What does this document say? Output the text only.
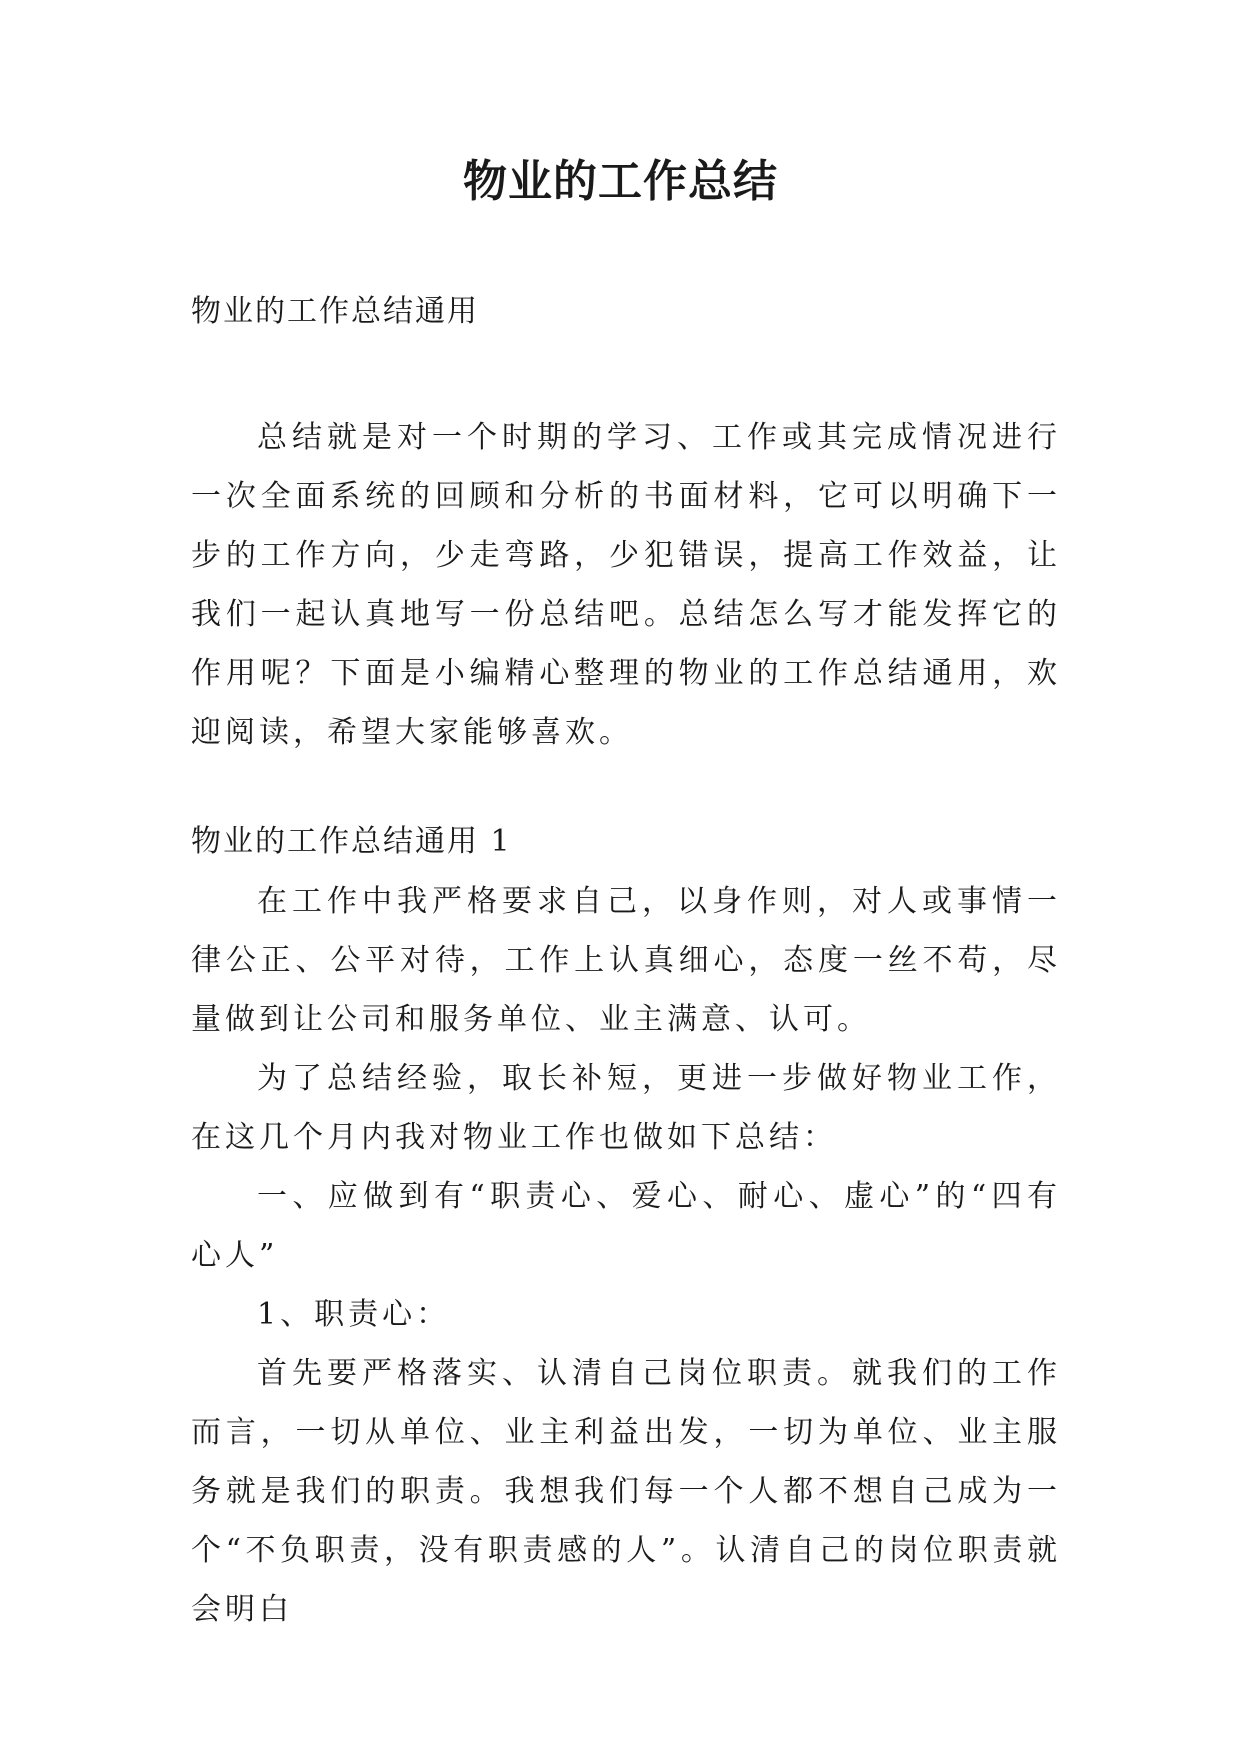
物业的工作总结
物业的工作总结通用

总结就是对一个时期的学习、工作或其完成情况进行一次全面系统的回顾和分析的书面材料，它可以明确下一步的工作方向，少走弯路，少犯错误，提高工作效益，让我们一起认真地写一份总结吧。总结怎么写才能发挥它的作用呢？下面是小编精心整理的物业的工作总结通用，欢迎阅读，希望大家能够喜欢。

物业的工作总结通用 1

在工作中我严格要求自己，以身作则，对人或事情一律公正、公平对待，工作上认真细心，态度一丝不苟，尽量做到让公司和服务单位、业主满意、认可。

为了总结经验，取长补短，更进一步做好物业工作，在这几个月内我对物业工作也做如下总结：

一、应做到有“职责心、爱心、耐心、虚心”的“四有心人”

1、职责心：

首先要严格落实、认清自己岗位职责。就我们的工作而言，一切从单位、业主利益出发，一切为单位、业主服务就是我们的职责。我想我们每一个人都不想自己成为一个“不负职责，没有职责感的人”。认清自己的岗位职责就会明白
